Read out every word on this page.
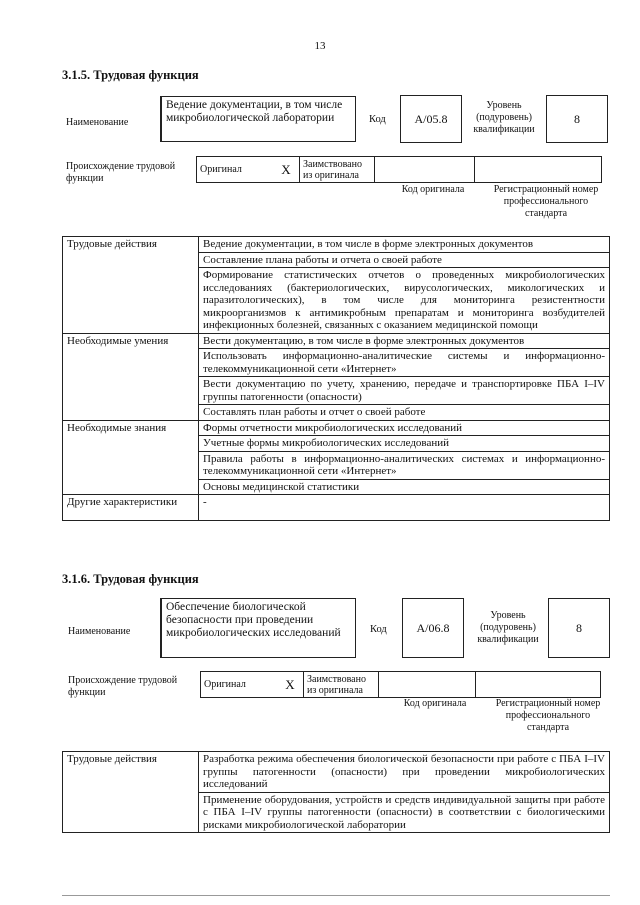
13
3.1.5. Трудовая функция
Наименование
Ведение документации, в том числе микробиологической лаборатории	Код	А/05.8
Уровень (подуровень) квалификации
8
Происхождение трудовой функции
Оригинал	X	Заимствовано из оригинала		
Код оригинала	Регистрационный номер профессионального стандарта
Трудовые действия	Ведение документации, в том числе в форме электронных документов
	Составление плана работы и отчета о своей работе
	Формирование статистических отчетов о проведенных микробиологических исследованиях (бактериологических, вирусологических, микологических и паразитологических), в том числе для мониторинга резистентности микроорганизмов к антимикробным препаратам и мониторинга возбудителей инфекционных болезней, связанных с оказанием медицинской помощи
Необходимые умения	Вести документацию, в том числе в форме электронных документов
	Использовать информационно-аналитические системы и информационно-телекоммуникационной сети «Интернет»
	Вести документацию по учету, хранению, передаче и транспортировке ПБА I–IV группы патогенности (опасности)
	Составлять план работы и отчет о своей работе
Необходимые знания	Формы отчетности микробиологических исследований
	Учетные формы микробиологических исследований
	Правила работы в информационно-аналитических системах и информационно-телекоммуникационной сети «Интернет»
	Основы медицинской статистики
Другие характеристики	-
3.1.6. Трудовая функция
Наименование
Обеспечение биологической безопасности при проведении микробиологических исследований	Код	А/06.8
Уровень (подуровень) квалификации
8
Происхождение трудовой функции
Оригинал	X	Заимствовано из оригинала		
Код оригинала	Регистрационный номер профессионального стандарта
Трудовые действия	Разработка режима обеспечения биологической безопасности при работе с ПБА I–IV группы патогенности (опасности) при проведении микробиологических исследований
Применение оборудования, устройств и средств индивидуальной защиты при работе с ПБА I–IV группы патогенности (опасности) в соответствии с биологическими рисками микробиологической лаборатории
